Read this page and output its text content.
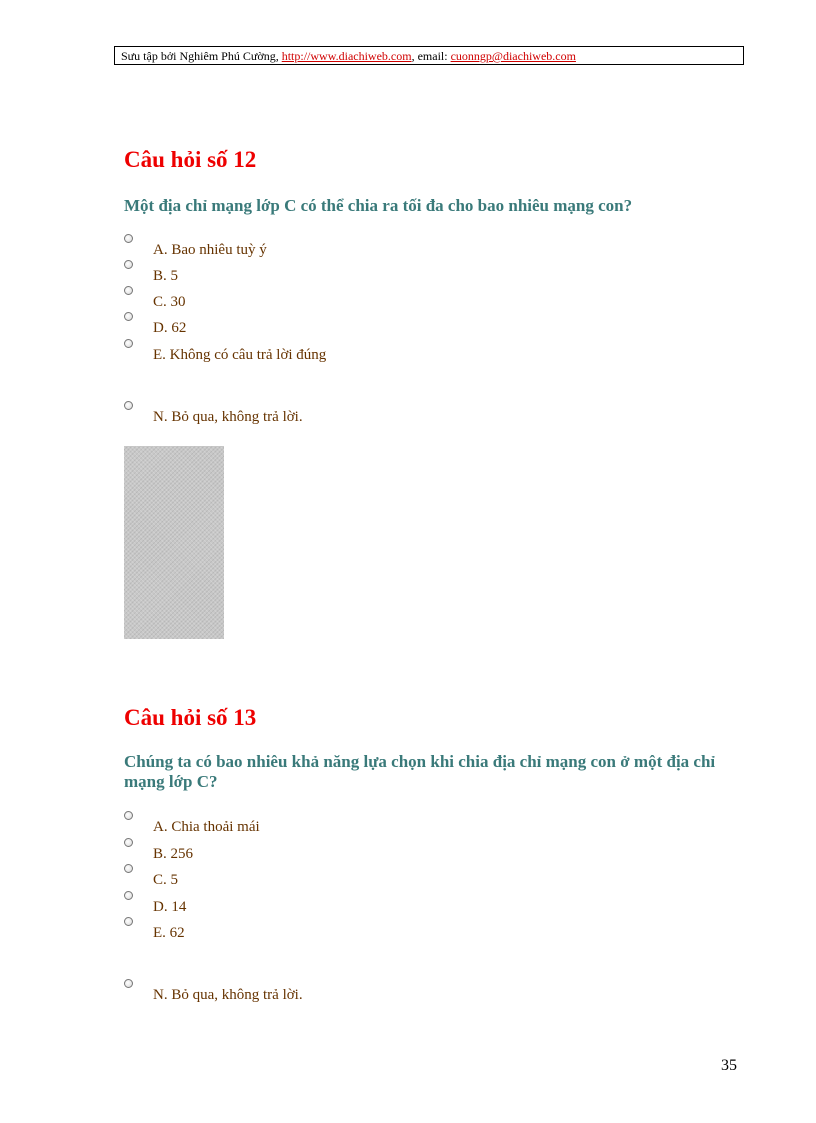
Sưu tập bởi Nghiêm Phú Cường, http://www.diachiweb.com, email: cuonngp@diachiweb.com
Câu hỏi số 12
Một địa chỉ mạng lớp C có thể chia ra tối đa cho bao nhiêu mạng con?
A. Bao nhiêu tuỳ ý
B. 5
C. 30
D. 62
E. Không có câu trả lời đúng
N. Bỏ qua, không trả lời.
Câu hỏi số 13
Chúng ta có bao nhiêu khả năng lựa chọn khi chia địa chỉ mạng con ở một địa chỉ mạng lớp C?
A. Chia thoải mái
B. 256
C. 5
D. 14
E. 62
N. Bỏ qua, không trả lời.
35
